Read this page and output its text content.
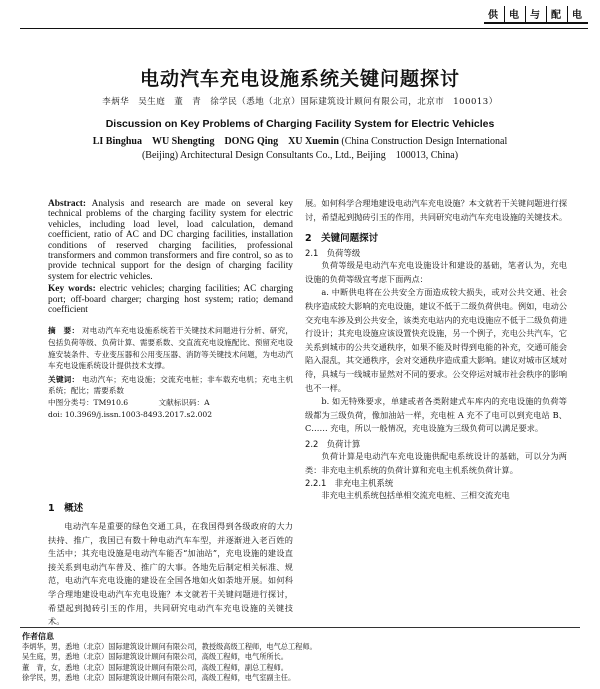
供 电 与 配 电
电动汽车充电设施系统关键问题探讨
李炳华　吴生庭　董　青　徐学民（悉地（北京）国际建筑设计顾问有限公司，北京市　100013）
Discussion on Key Problems of Charging Facility System for Electric Vehicles
LI Binghua　WU Shengting　DONG Qing　XU Xuemin (China Construction Design International
(Beijing) Architectural Design Consultants Co., Ltd., Beijing　100013, China)

Abstract: Analysis and research are made on several key technical problems of the charging facility system for electric vehicles, including load level, load calculation, demand coefficient, ratio of AC and DC charging facilities, installation conditions of reserved charging facilities, professional transformers and common transformers and fire control, so as to provide technical support for the design of charging facility system for electric vehicles.

Key words: electric vehicles; charging facilities; AC charging port; off-board charger; charging host system; ratio; demand coefficient

摘　要： 对电动汽车充电设施系统若干关键技术问题进行分析、研究，包括负荷等级、负荷计算、需要系数、交直流充电设施配比、预留充电设施安装条件、专业变压器和公用变压器、消防等关键技术问题，为电动汽车充电设施系统设计提供技术支撑。

关键词： 电动汽车；充电设施；交流充电桩；非车载充电机；充电主机系统；配比；需要系数

中图分类号：TM910.6　　　　文献标识码：A

doi: 10.3969/j.issn.1003-8493.2017.s2.002

1　概述

电动汽车是重要的绿色交通工具，在我国得到各级政府的大力扶持、推广，我国已有数十种电动汽车车型，并逐渐进入老百姓的生活中；其充电设施是电动汽车能否“加油站”，充电设施的建设直接关系到电动汽车普及、推广的大事。各地先后制定相关标准、规范，电动汽车充电设施的建设在全国各地如火如荼地开展。如何科学合理地建设电动汽车充电设施？本文就若干关键问题进行探讨，希望起到抛砖引玉的作用，共同研究电动汽车充电设施的关键技术。

展。如何科学合理地建设电动汽车充电设施？本文就若干关键问题进行探讨，希望起到抛砖引玉的作用，共同研究电动汽车充电设施的关键技术。

2　关键问题探讨
2.1　负荷等级

负荷等级是电动汽车充电设施设计和建设的基础，笔者认为，充电设施的负荷等级宜考虑下面两点：

a. 中断供电将在公共安全方面造成较大损失，或对公共交通、社会秩序造成较大影响的充电设施，建议不低于二级负荷供电。例如，电动公交充电车涉及到公共安全，该类充电站内的充电设施应不低于二级负荷进行设计；其充电设施应该设置快充设施，另一个例子，充电公共汽车，它关系到城市的公共交通秩序，如果不能及时得到电能的补充，交通可能会陷入混乱，其交通秩序，会对交通秩序造成重大影响。建议对城市区域对待，具城与一线城市显然对不同的要求。公交停运对城市社会秩序的影响也不一样。

b. 如无特殊要求，单建或者各类附建式车库内的充电设施的负荷等级都为三级负荷，像加油站一样，充电桩 A 充不了电可以到充电站 B、C…… 充电，所以一般情况，充电设施为三级负荷可以满足要求。

2.2　负荷计算

负荷计算是电动汽车充电设施供配电系统设计的基础，可以分为两类：非充电主机系统的负荷计算和充电主机系统负荷计算。

2.2.1　非充电主机系统

非充电主机系统包括单相交流充电桩、三相交流充电

作者信息
李炳华，男，悉地（北京）国际建筑设计顾问有限公司，教授级高级工程师，电气总工程师。
吴生庭，男，悉地（北京）国际建筑设计顾问有限公司，高级工程师，电气所所长。
董　青，女，悉地（北京）国际建筑设计顾问有限公司，高级工程师，副总工程师。
徐学民，男，悉地（北京）国际建筑设计顾问有限公司，高级工程师，电气室副主任。
